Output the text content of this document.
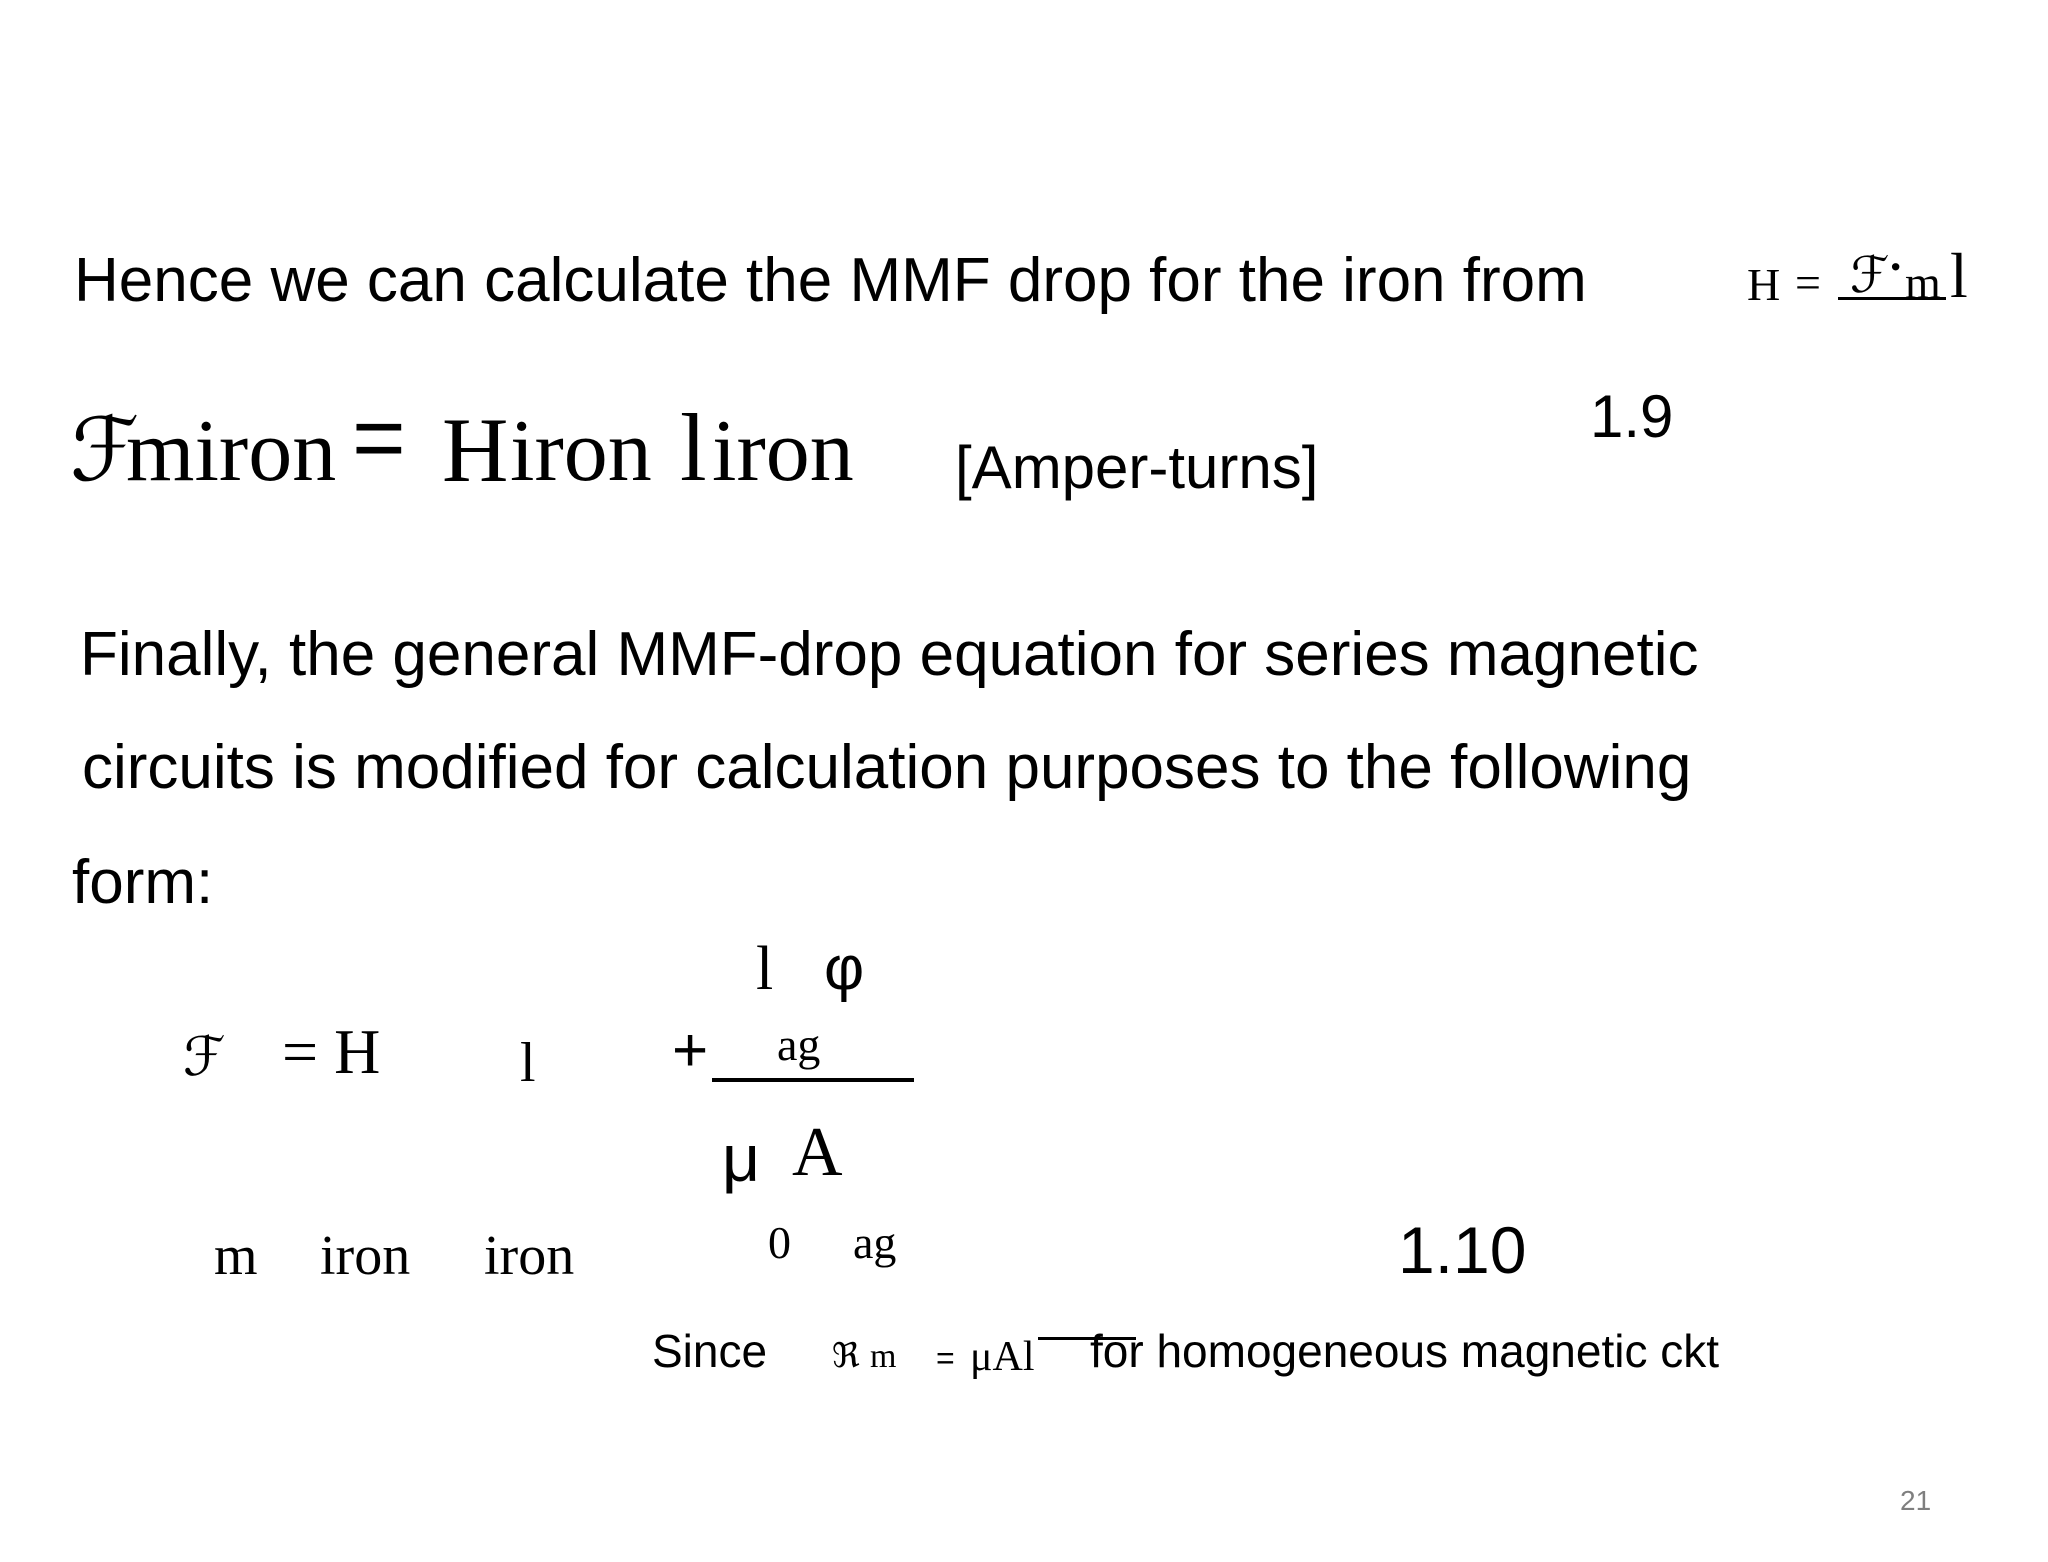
Hence we can calculate the MMF drop for the iron from	H = ℱ
· m l
ℱ
miron = H iron l iron [Amper-turns]
1.9
Finally, the general MMF-drop equation for series magnetic
circuits is modified for calculation purposes to the following
form:
l φ
ℱ = H l + ag
μ A
m iron iron	0 ag	1.10
Since ℜ m = μAl for homogeneous magnetic ckt
21
